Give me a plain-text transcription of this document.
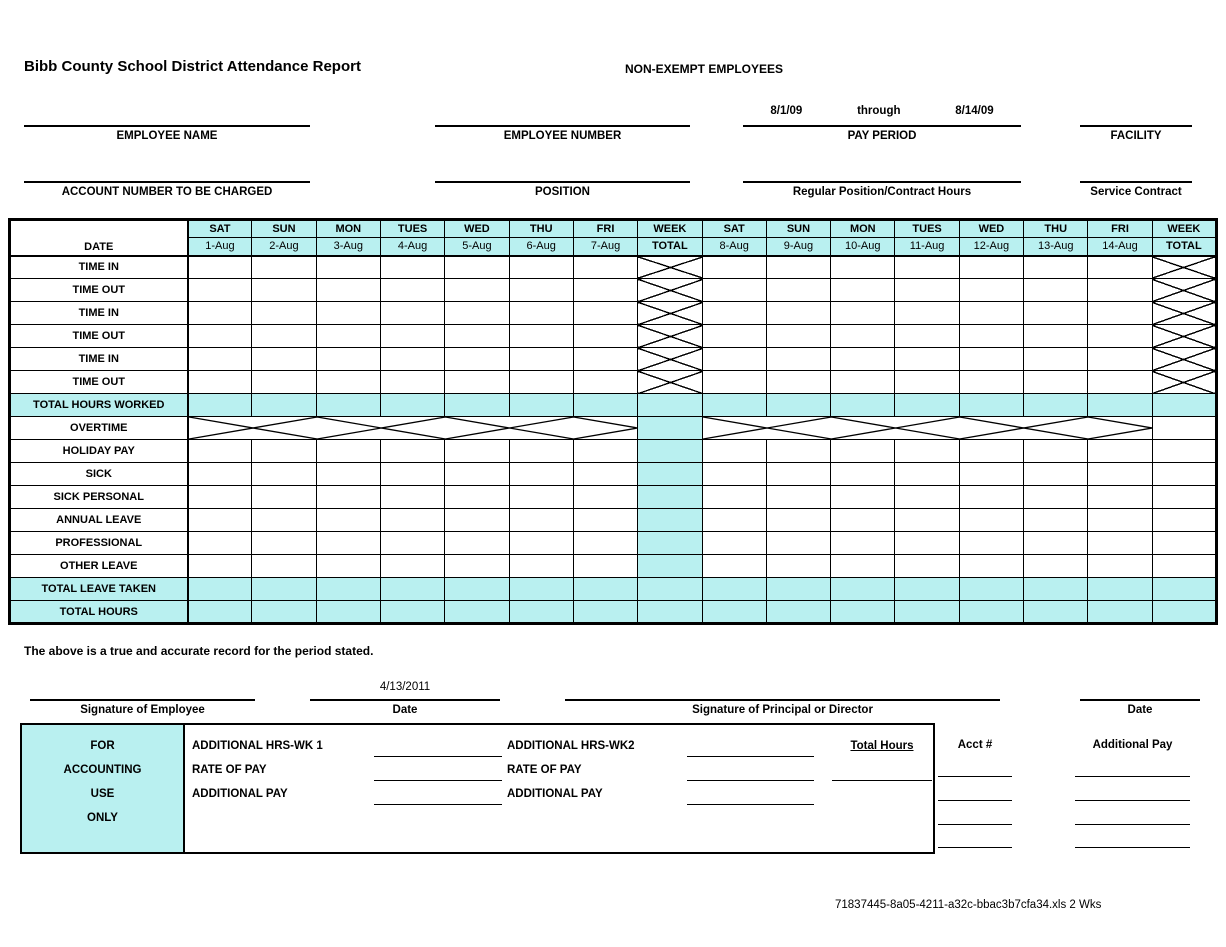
Bibb County School District Attendance Report	NON-EXEMPT EMPLOYEES
8/1/09	through	8/14/09
EMPLOYEE NAME	EMPLOYEE NUMBER	PAY PERIOD	FACILITY
ACCOUNT NUMBER TO BE CHARGED	POSITION	Regular Position/Contract Hours	Service Contract
DATE	SAT	SUN	MON	TUES	WED	THU	FRI	WEEK	SAT	SUN	MON	TUES	WED	THU	FRI	WEEK
	1-Aug	2-Aug	3-Aug	4-Aug	5-Aug	6-Aug	7-Aug	TOTAL	8-Aug	9-Aug	10-Aug	11-Aug	12-Aug	13-Aug	14-Aug	TOTAL
TIME IN																
TIME OUT																
TIME IN																
TIME OUT																
TIME IN																
TIME OUT																
TOTAL HOURS WORKED																
OVERTIME	

HOLIDAY PAY																
SICK																
SICK PERSONAL																
ANNUAL LEAVE																
PROFESSIONAL																
OTHER LEAVE																
TOTAL LEAVE TAKEN																
TOTAL HOURS																
The above is a true and accurate record for the period stated.
4/13/2011
Signature of Employee	Date	Signature of Principal or Director	Date
FOR
ACCOUNTING
USE
ONLY
ADDITIONAL HRS-WK 1
RATE OF PAY
ADDITIONAL PAY
ADDITIONAL HRS-WK2
RATE OF PAY
ADDITIONAL PAY
Total Hours	Acct #	Additional Pay
71837445-8a05-4211-a32c-bbac3b7cfa34.xls 2 Wks
